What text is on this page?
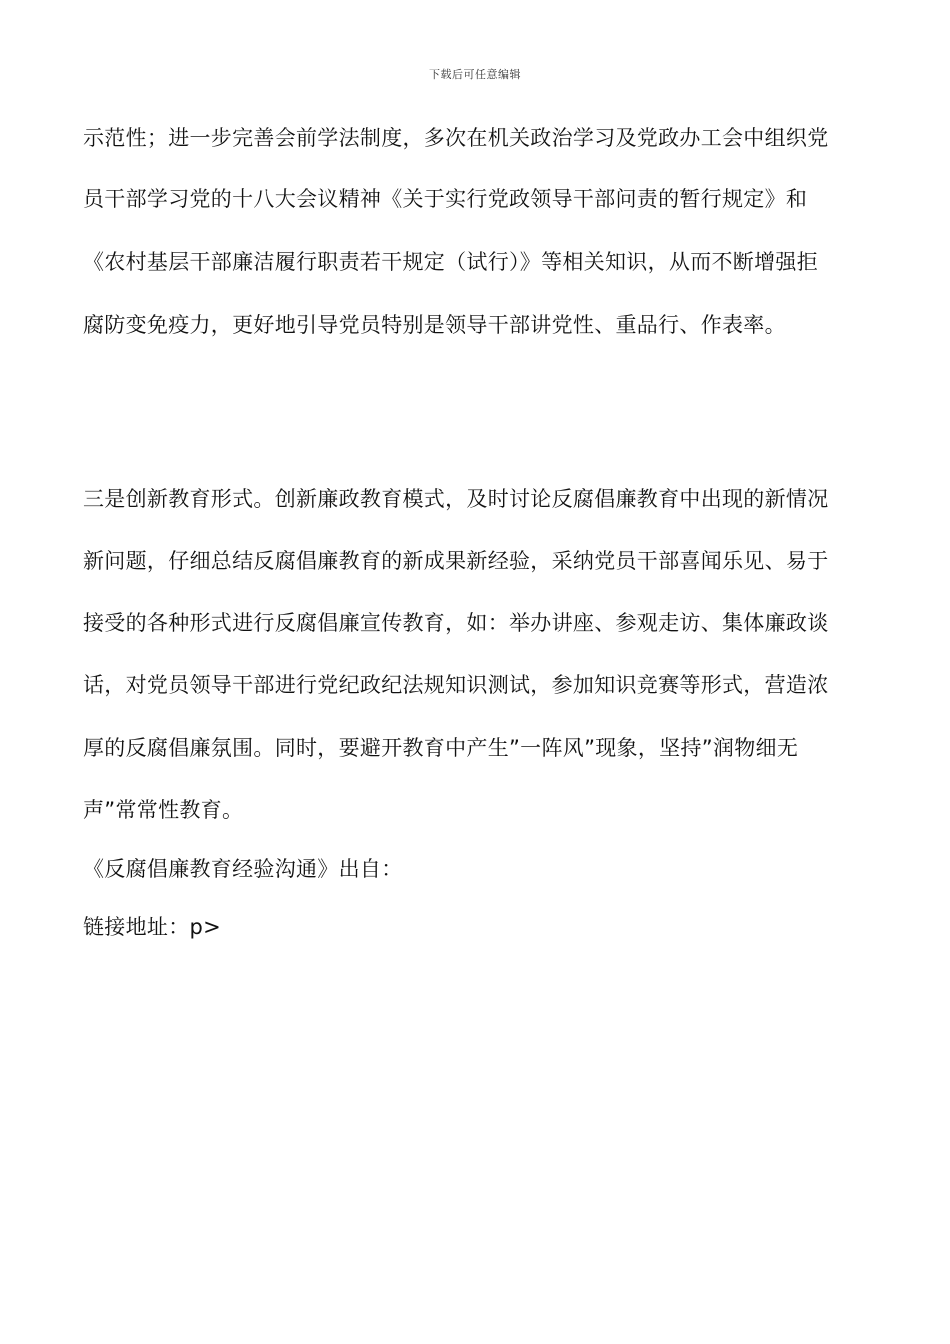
下载后可任意编辑
示范性；进一步完善会前学法制度，多次在机关政治学习及党政办工会中组织党
员干部学习党的十八大会议精神《关于实行党政领导干部问责的暂行规定》和
《农村基层干部廉洁履行职责若干规定（试行）》等相关知识，从而不断增强拒
腐防变免疫力，更好地引导党员特别是领导干部讲党性、重品行、作表率。
三是创新教育形式。创新廉政教育模式，及时讨论反腐倡廉教育中出现的新情况
新问题，仔细总结反腐倡廉教育的新成果新经验，采纳党员干部喜闻乐见、易于
接受的各种形式进行反腐倡廉宣传教育，如：举办讲座、参观走访、集体廉政谈
话，对党员领导干部进行党纪政纪法规知识测试，参加知识竞赛等形式，营造浓
厚的反腐倡廉氛围。同时，要避开教育中产生”一阵风”现象，坚持”润物细无
声”常常性教育。
《反腐倡廉教育经验沟通》出自：
链接地址：p>
